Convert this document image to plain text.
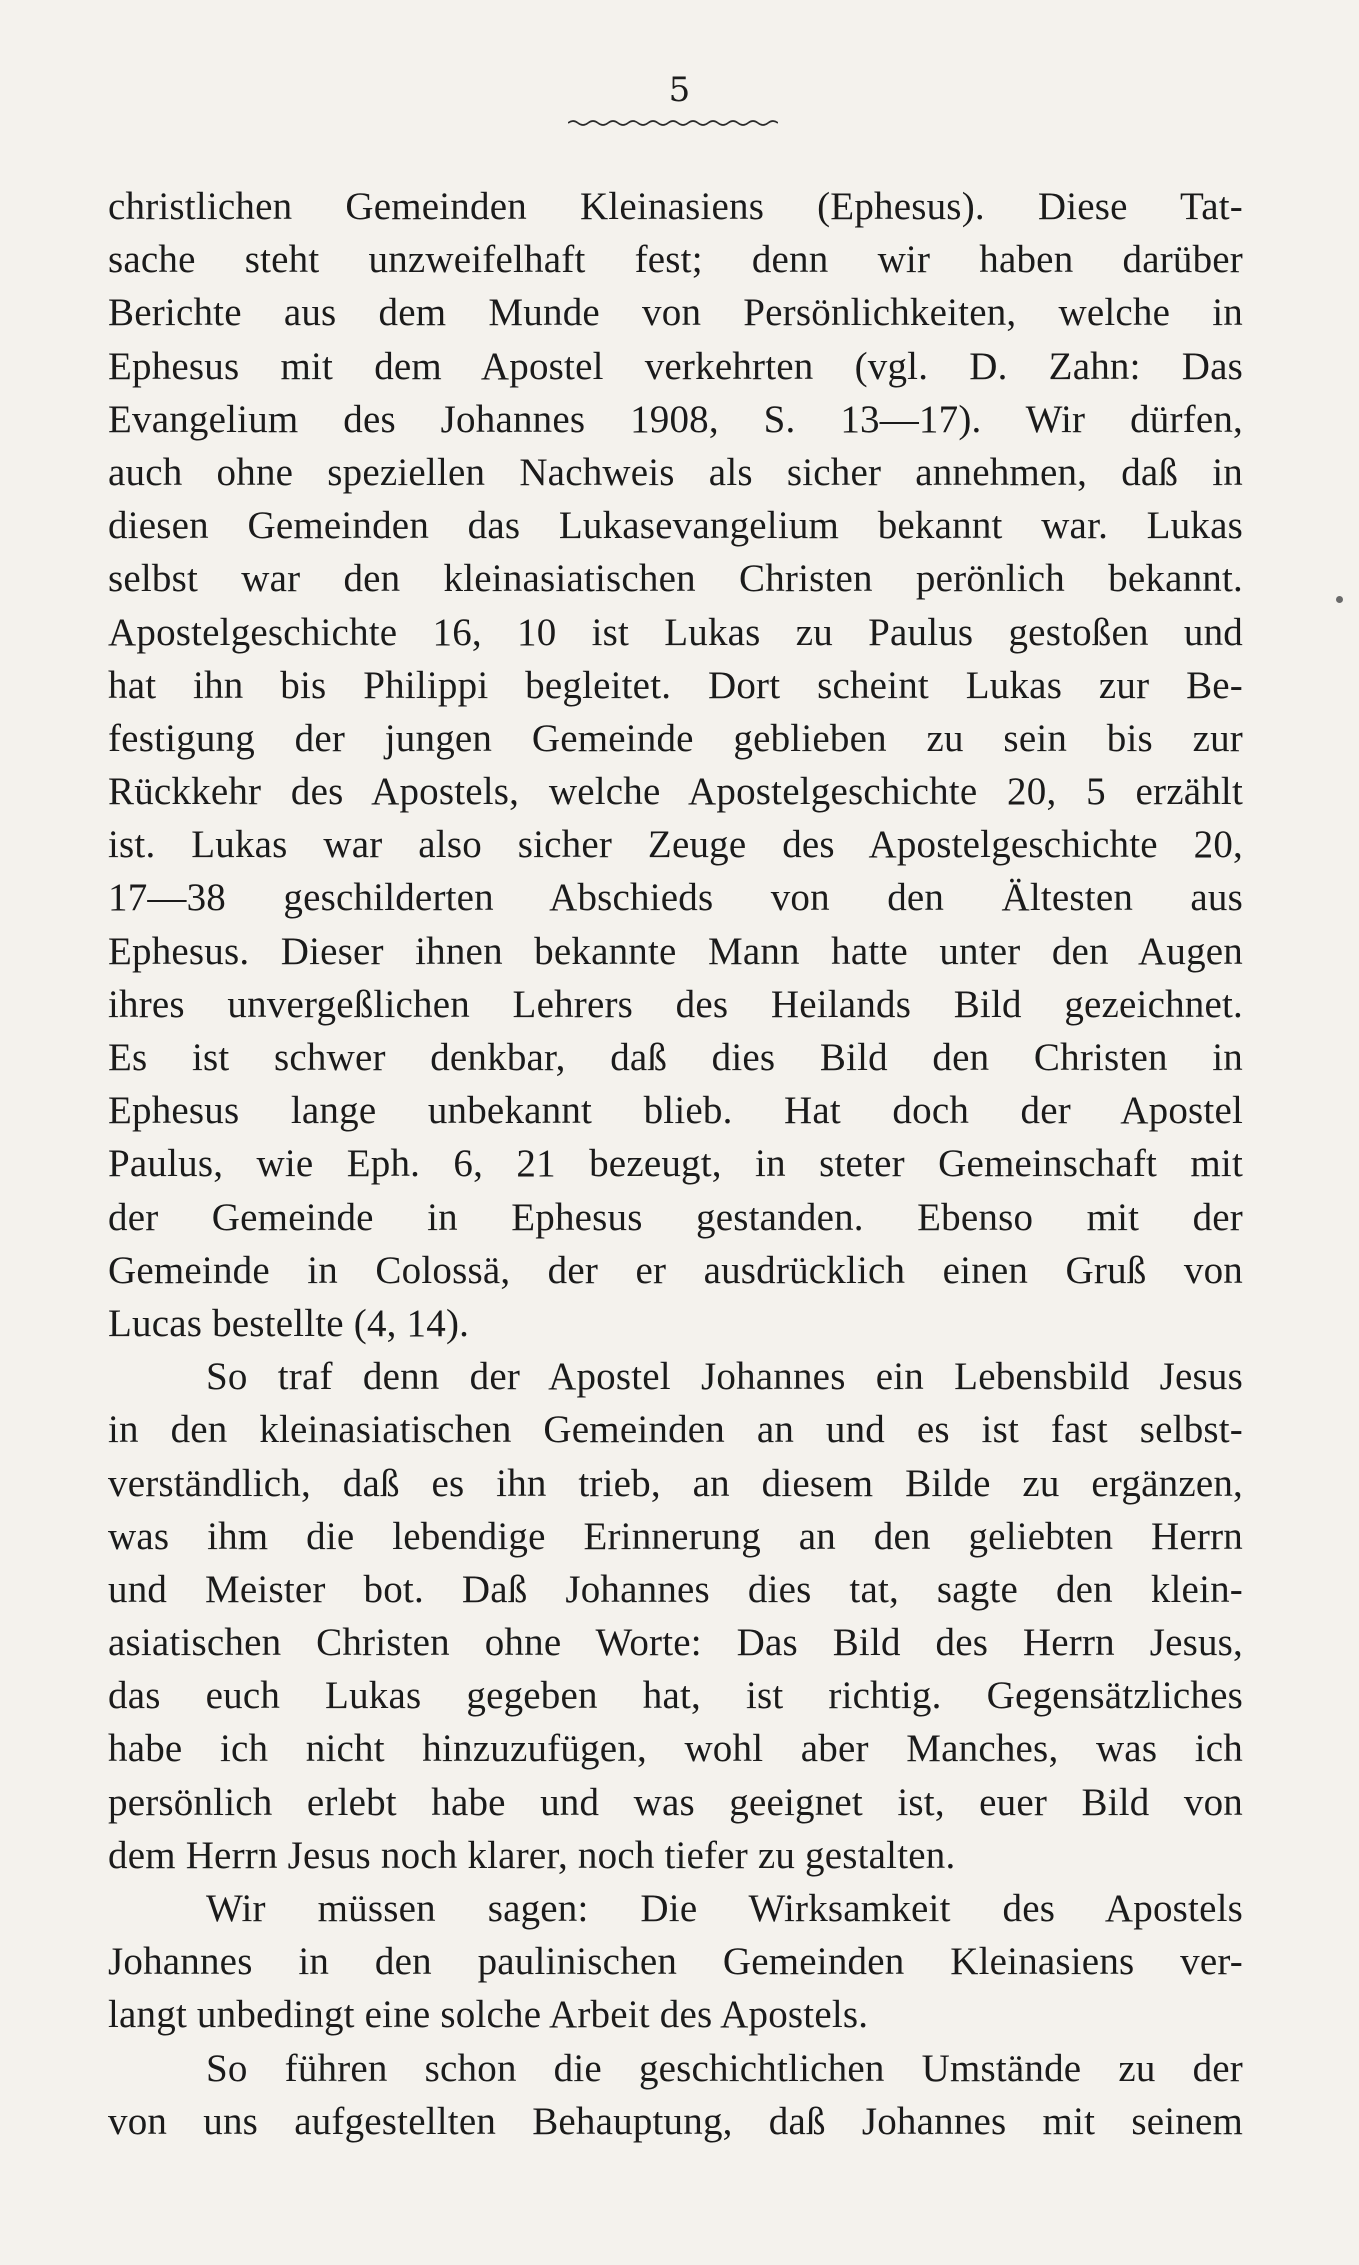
5
christlichen Gemeinden Kleinasiens (Ephesus). Diese Tat-
sache steht unzweifelhaft fest; denn wir haben darüber
Berichte aus dem Munde von Persönlichkeiten, welche in
Ephesus mit dem Apostel verkehrten (vgl. D. Zahn: Das
Evangelium des Johannes 1908, S. 13—17). Wir dürfen,
auch ohne speziellen Nachweis als sicher annehmen, daß in
diesen Gemeinden das Lukasevangelium bekannt war. Lukas
selbst war den kleinasiatischen Christen perönlich bekannt.
Apostelgeschichte 16, 10 ist Lukas zu Paulus gestoßen und
hat ihn bis Philippi begleitet. Dort scheint Lukas zur Be-
festigung der jungen Gemeinde geblieben zu sein bis zur
Rückkehr des Apostels, welche Apostelgeschichte 20, 5 erzählt
ist. Lukas war also sicher Zeuge des Apostelgeschichte 20,
17—38 geschilderten Abschieds von den Ältesten aus
Ephesus. Dieser ihnen bekannte Mann hatte unter den Augen
ihres unvergeßlichen Lehrers des Heilands Bild gezeichnet.
Es ist schwer denkbar, daß dies Bild den Christen in
Ephesus lange unbekannt blieb. Hat doch der Apostel
Paulus, wie Eph. 6, 21 bezeugt, in steter Gemeinschaft mit
der Gemeinde in Ephesus gestanden. Ebenso mit der
Gemeinde in Colossä, der er ausdrücklich einen Gruß von
Lucas bestellte (4, 14).
So traf denn der Apostel Johannes ein Lebensbild Jesus
in den kleinasiatischen Gemeinden an und es ist fast selbst-
verständlich, daß es ihn trieb, an diesem Bilde zu ergänzen,
was ihm die lebendige Erinnerung an den geliebten Herrn
und Meister bot. Daß Johannes dies tat, sagte den klein-
asiatischen Christen ohne Worte: Das Bild des Herrn Jesus,
das euch Lukas gegeben hat, ist richtig. Gegensätzliches
habe ich nicht hinzuzufügen, wohl aber Manches, was ich
persönlich erlebt habe und was geeignet ist, euer Bild von
dem Herrn Jesus noch klarer, noch tiefer zu gestalten.
Wir müssen sagen: Die Wirksamkeit des Apostels
Johannes in den paulinischen Gemeinden Kleinasiens ver-
langt unbedingt eine solche Arbeit des Apostels.
So führen schon die geschichtlichen Umstände zu der
von uns aufgestellten Behauptung, daß Johannes mit seinem
